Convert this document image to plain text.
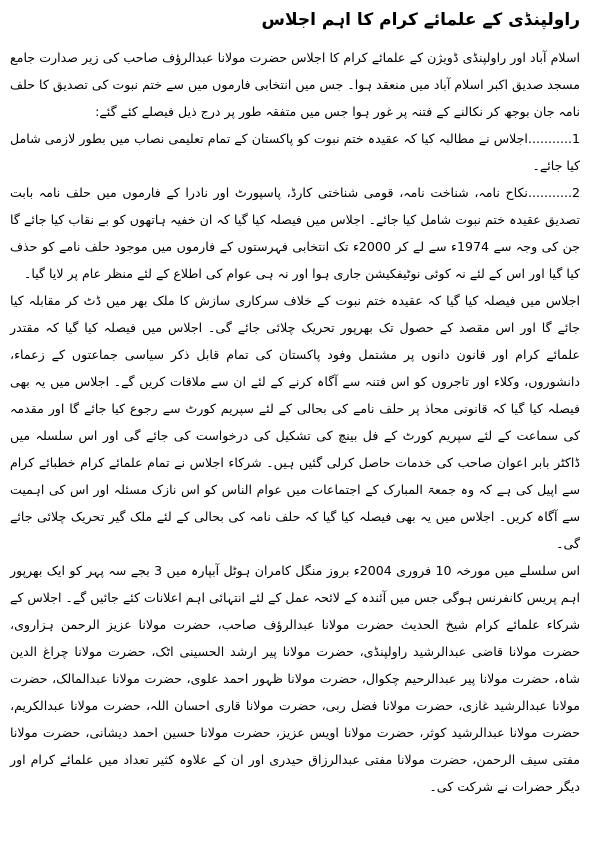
راولپنڈی کے علمائے کرام کا اہم اجلاس

اسلام آباد اور راولپنڈی ڈویژن کے علمائے کرام کا اجلاس حضرت مولانا عبدالرؤف صاحب کی زیر صدارت جامع مسجد صدیق اکبر اسلام آباد میں منعقد ہوا۔ جس میں انتخابی فارموں میں سے ختم نبوت کی تصدیق کا حلف نامہ جان بوجھ کر نکالنے کے فتنہ پر غور ہوا جس میں متفقہ طور پر درج ذیل فیصلے کئے گئے:

1...........اجلاس نے مطالبہ کیا کہ عقیدہ ختم نبوت کو پاکستان کے تمام تعلیمی نصاب میں بطور لازمی شامل کیا جائے۔

2...........نکاح نامہ، شناخت نامہ، قومی شناختی کارڈ، پاسپورٹ اور نادرا کے فارموں میں حلف نامہ بابت تصدیق عقیدہ ختم نبوت شامل کیا جائے۔ اجلاس میں فیصلہ کیا گیا کہ ان خفیہ ہاتھوں کو بے نقاب کیا جائے گا جن کی وجہ سے 1974ء سے لے کر 2000ء تک انتخابی فہرستوں کے فارموں میں موجود حلف نامے کو حذف کیا گیا اور اس کے لئے نہ کوئی نوٹیفکیشن جاری ہوا اور نہ ہی عوام کی اطلاع کے لئے منظر عام پر لایا گیا۔

اجلاس میں فیصلہ کیا گیا کہ عقیدہ ختم نبوت کے خلاف سرکاری سازش کا ملک بھر میں ڈٹ کر مقابلہ کیا جائے گا اور اس مقصد کے حصول تک بھرپور تحریک چلائی جائے گی۔ اجلاس میں فیصلہ کیا گیا کہ مقتدر علمائے کرام اور قانون دانوں پر مشتمل وفود پاکستان کی تمام قابل ذکر سیاسی جماعتوں کے زعماء، دانشوروں، وکلاء اور تاجروں کو اس فتنہ سے آگاہ کرنے کے لئے ان سے ملاقات کریں گے۔ اجلاس میں یہ بھی فیصلہ کیا گیا کہ قانونی محاذ پر حلف نامے کی بحالی کے لئے سپریم کورٹ سے رجوع کیا جائے گا اور مقدمہ کی سماعت کے لئے سپریم کورٹ کے فل بینچ کی تشکیل کی درخواست کی جائے گی اور اس سلسلہ میں ڈاکٹر بابر اعوان صاحب کی خدمات حاصل کرلی گئیں ہیں۔ شرکاء اجلاس نے تمام علمائے کرام خطبائے کرام سے اپیل کی ہے کہ وہ جمعۃ المبارک کے اجتماعات میں عوام الناس کو اس نازک مسئلہ اور اس کی اہمیت سے آگاہ کریں۔ اجلاس میں یہ بھی فیصلہ کیا گیا کہ حلف نامہ کی بحالی کے لئے ملک گیر تحریک چلائی جائے گی۔

اس سلسلے میں مورخہ 10 فروری 2004ء بروز منگل کامران ہوٹل آبپارہ میں 3 بجے سہ پہر کو ایک بھرپور اہم پریس کانفرنس ہوگی جس میں آئندہ کے لائحہ عمل کے لئے انتہائی اہم اعلانات کئے جائیں گے۔ اجلاس کے شرکاء علمائے کرام شیخ الحدیث حضرت مولانا عبدالرؤف صاحب، حضرت مولانا عزیز الرحمن ہزاروی، حضرت مولانا قاضی عبدالرشید راولپنڈی، حضرت مولانا پیر ارشد الحسینی اٹک، حضرت مولانا چراغ الدین شاہ، حضرت مولانا پیر عبدالرحیم چکوال، حضرت مولانا ظہور احمد علوی، حضرت مولانا عبدالمالک، حضرت مولانا عبدالرشید غازی، حضرت مولانا فضل ربی، حضرت مولانا قاری احسان اللہ، حضرت مولانا عبدالکریم، حضرت مولانا عبدالرشید کوثر، حضرت مولانا اویس عزیز، حضرت مولانا حسین احمد دیشانی، حضرت مولانا مفتی سیف الرحمن، حضرت مولانا مفتی عبدالرزاق حیدری اور ان کے علاوہ کثیر تعداد میں علمائے کرام اور دیگر حضرات نے شرکت کی۔
